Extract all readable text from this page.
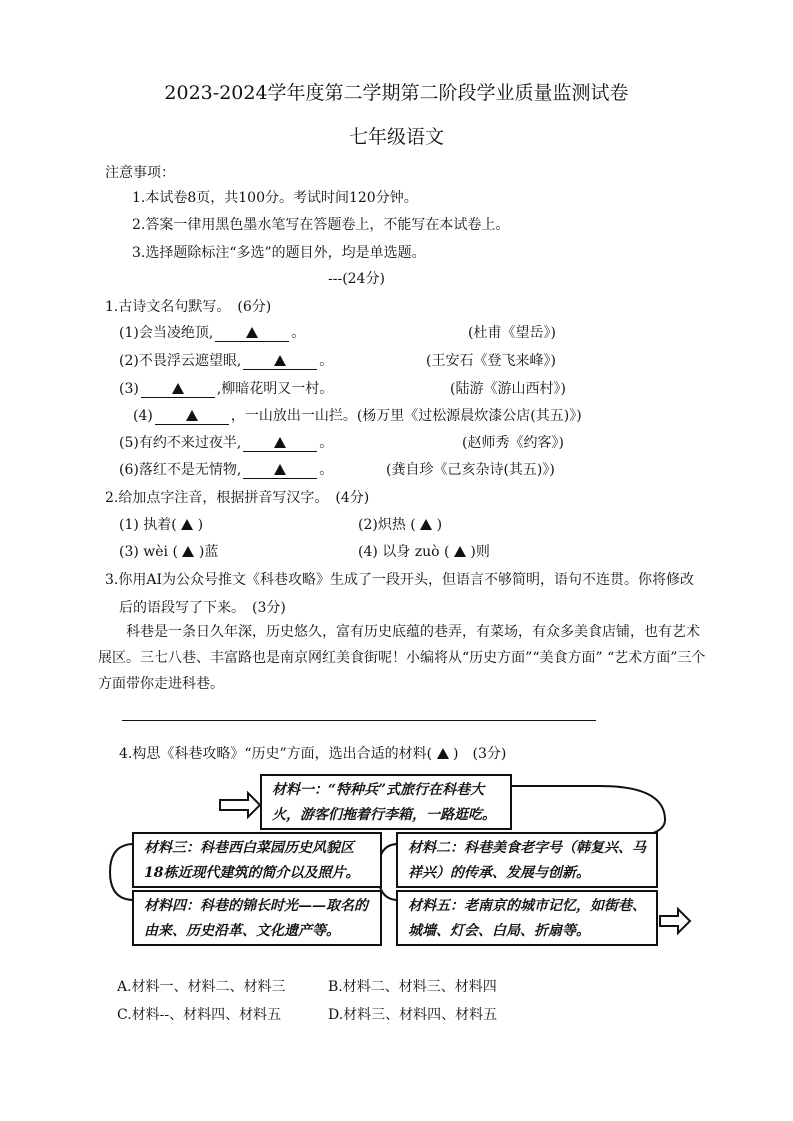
2023-2024学年度第二学期第二阶段学业质量监测试卷
七年级语文
注意事项：
1.本试卷8页，共100分。考试时间120分钟。
2.答案一律用黑色墨水笔写在答题卷上，不能写在本试卷上。
3.选择题除标注“多选”的题目外，均是单选题。
---(24分)
1.古诗文名句默写。　(6分)
(1)会当凌绝顶,	。	(杜甫《望岳》)
(2)不畏浮云遮望眼,	。	(王安石《登飞来峰》)
(3)	,柳暗花明又一村。	(陆游《游山西村》)
(4)	，一山放出一山拦。(杨万里《过松源晨炊漆公店(其五)》)
(5)有约不来过夜半,	。	(赵师秀《约客》)
(6)落红不是无情物,	。	(龚自珍《己亥杂诗(其五)》)
2.给加点字注音，根据拼音写汉字。　(4分)
(1) 执着( )	(2)炽热 ( )
(3) wèi ( )蓝	(4) 以身 zuò ( )则
3.你用AI为公众号推文《科巷攻略》生成了一段开头，但语言不够简明，语句不连贯。你将修改
后的语段写了下来。　(3分)
科巷是一条日久年深，历史悠久，富有历史底蕴的巷弄，有菜场，有众多美食店铺，也有艺术展区。三七八巷、丰富路也是南京网红美食街呢！小编将从“历史方面”“美食方面” “艺术方面”三个方面带你走进科巷。
4.构思《科巷攻略》“历史”方面，选出合适的材料( )　(3分)
材料一：“特种兵”式旅行在科巷大火，游客们拖着行李箱，一路逛吃。
材料三：科巷西白菜园历史风貌区18栋近现代建筑的简介以及照片。
材料二：科巷美食老字号（韩复兴、马祥兴）的传承、发展与创新。
材料四：科巷的锦长时光——取名的由来、历史沿革、文化遗产等。
材料五：老南京的城市记忆，如街巷、城墙、灯会、白局、折扇等。
A.材料一、材料二、材料三	B.材料二、材料三、材料四
C.材料--、材料四、材料五	D.材料三、材料四、材料五
